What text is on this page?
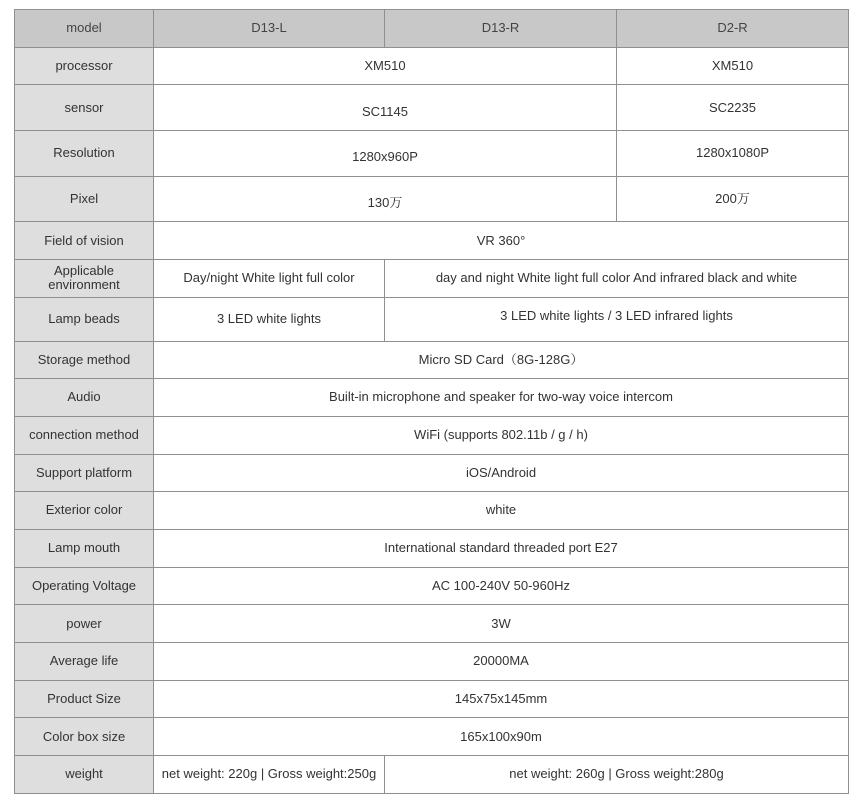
model	D13-L	D13-R	D2-R
processor	XM510		XM510
sensor	SC1145		SC2235
Resolution	1280x960P		1280x1080P
Pixel	130万		200万
Field of vision	VR 360°		
Applicable environment	Day/night White light full color	day and night White light full color And infrared black and white	
Lamp beads	3 LED white lights	3 LED white lights / 3 LED infrared lights	
Storage method	Micro SD Card（8G-128G）		
Audio	Built-in microphone and speaker for two-way voice intercom		
connection method	WiFi (supports 802.11b / g / h)		
Support platform	iOS/Android		
Exterior color	white		
Lamp mouth	International standard threaded port E27		
Operating Voltage	AC 100-240V 50-960Hz		
power	3W		
Average life	20000MA		
Product Size	145x75x145mm		
Color box size	165x100x90m		
weight	net weight: 220g | Gross weight:250g	net weight: 260g | Gross weight:280g	
